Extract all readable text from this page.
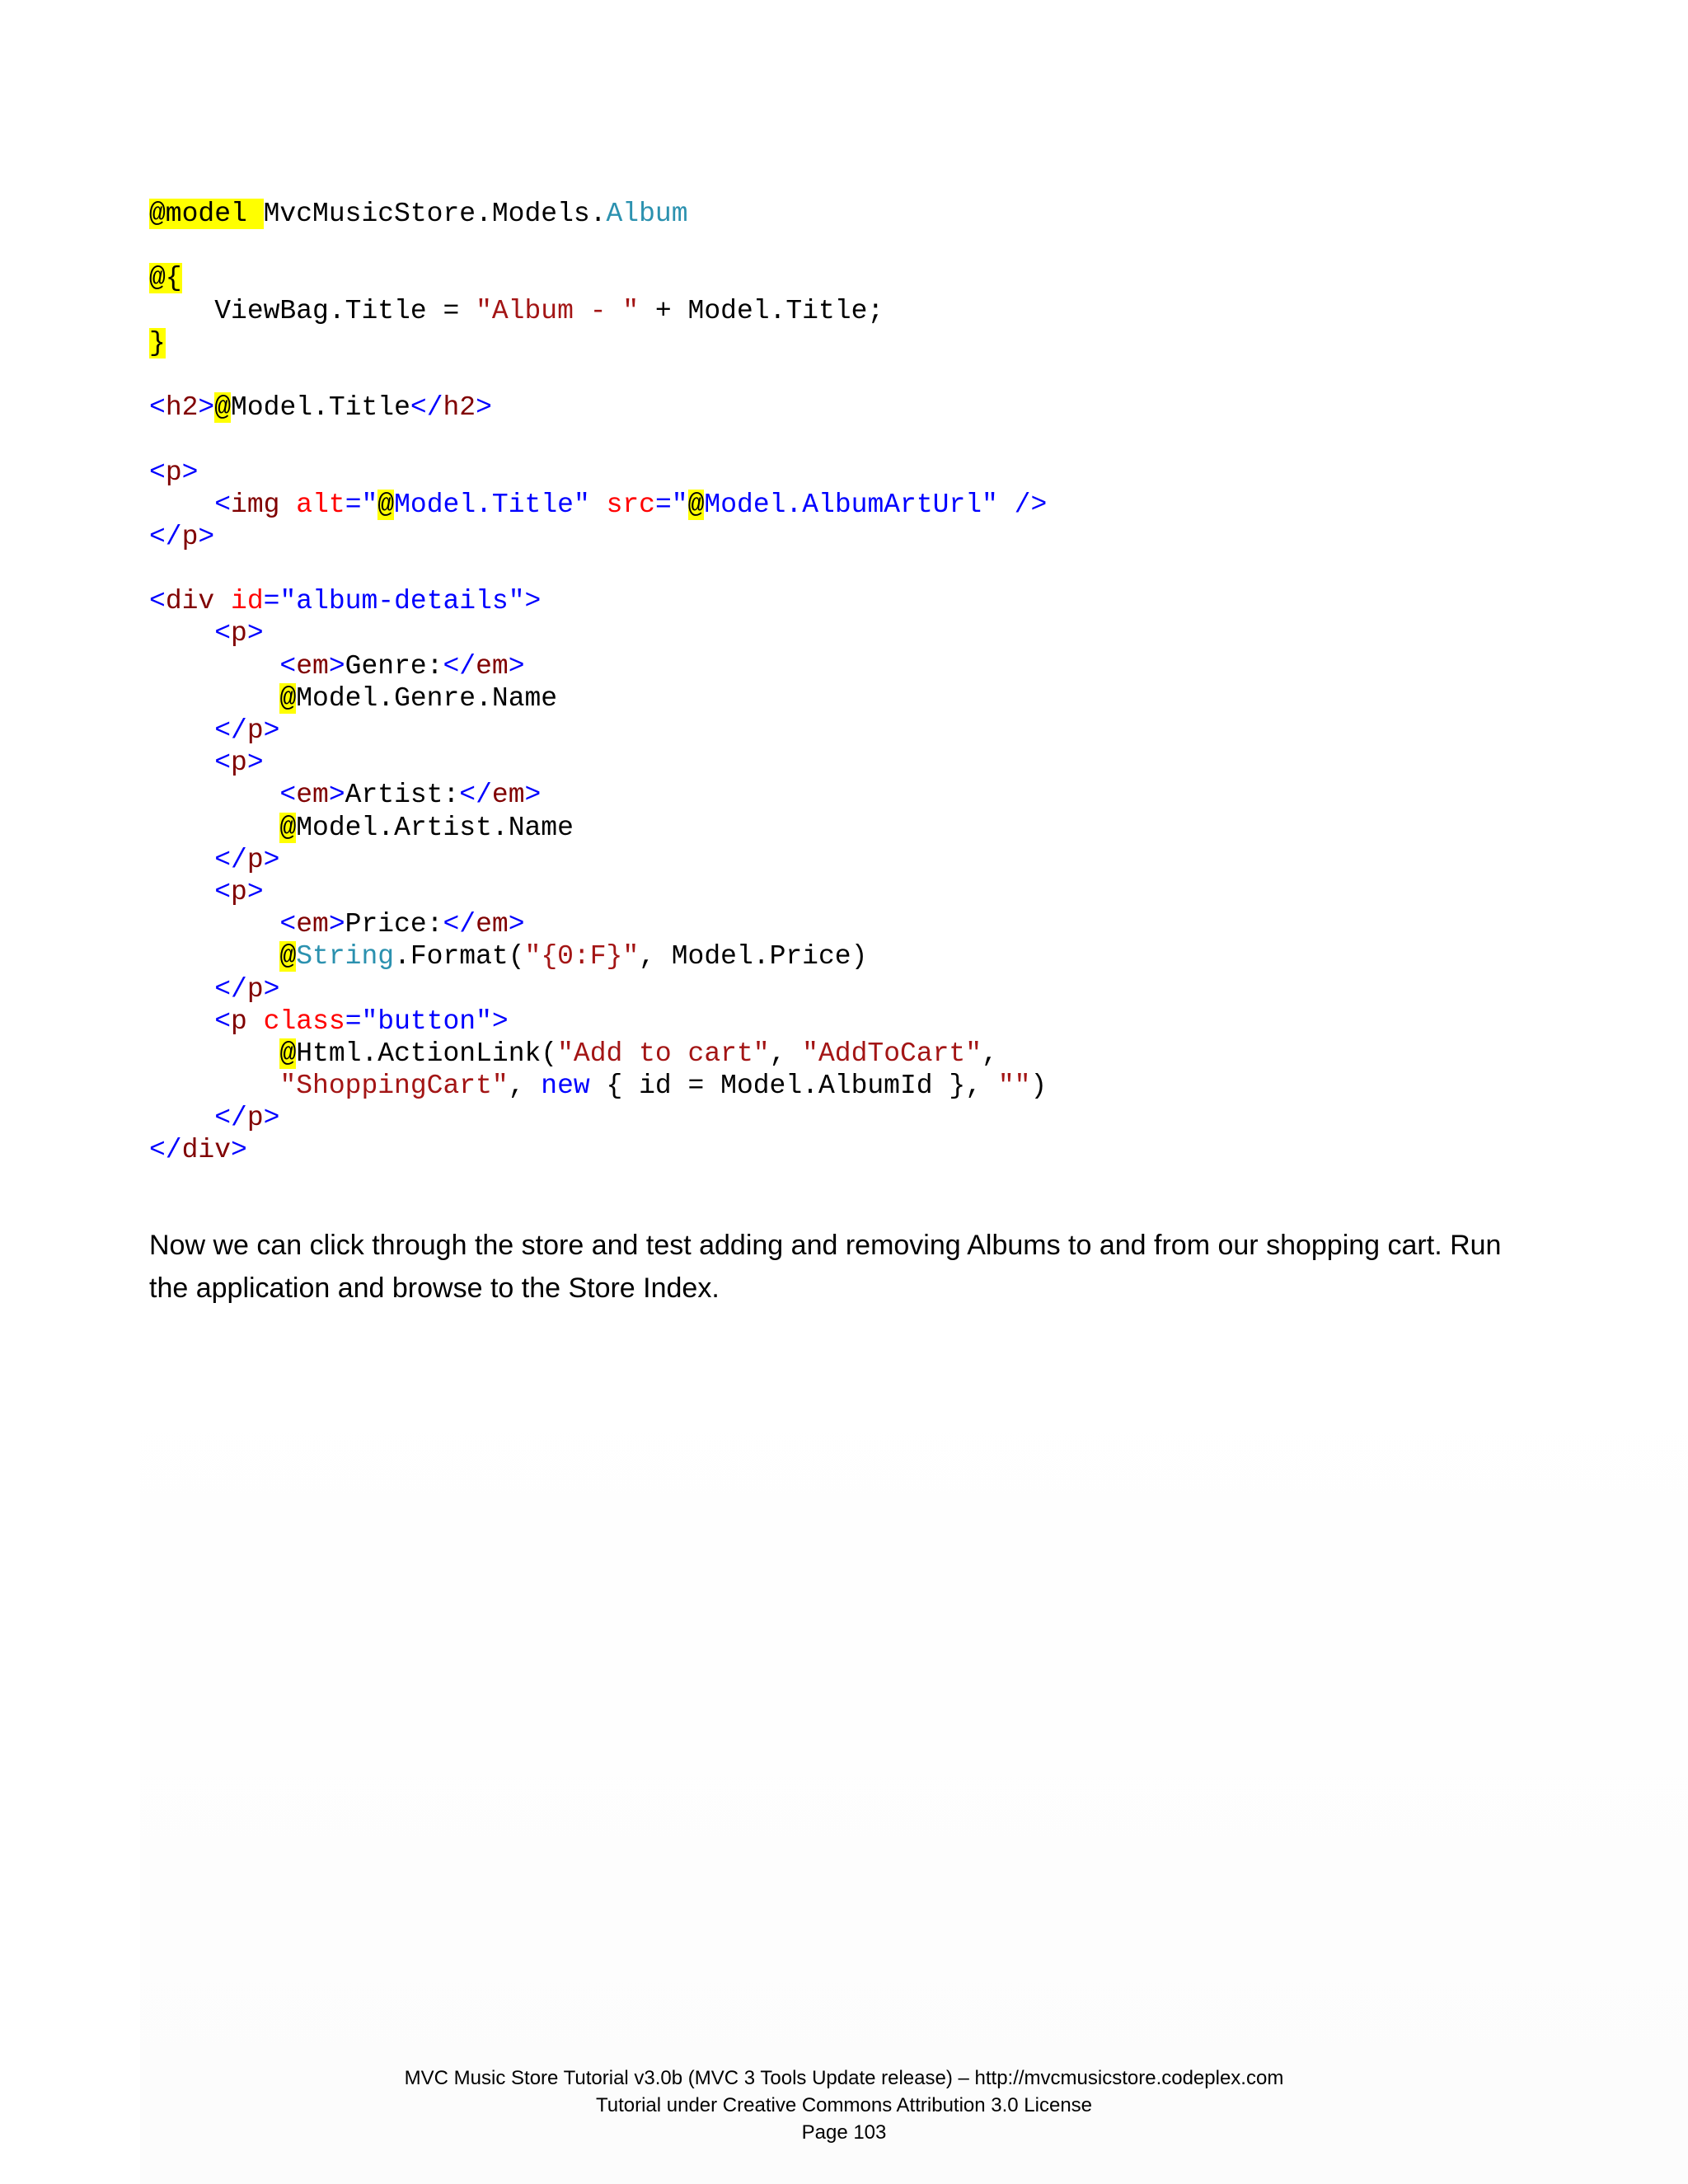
@model MvcMusicStore.Models.Album

@{
ViewBag.Title = "Album - " + Model.Title;
}

<h2>@Model.Title</h2>

<p>
<img alt="@Model.Title" src="@Model.AlbumArtUrl" />
</p>

<div id="album-details">
<p>
<em>Genre:</em>
@Model.Genre.Name
</p>
<p>
<em>Artist:</em>
@Model.Artist.Name
</p>
<p>
<em>Price:</em>
@String.Format("{0:F}", Model.Price)
</p>
<p class="button">
@Html.ActionLink("Add to cart", "AddToCart",
"ShoppingCart", new { id = Model.AlbumId }, "")
</p>
</div>
Now we can click through the store and test adding and removing Albums to and from our shopping cart. Run the application and browse to the Store Index.
MVC Music Store Tutorial v3.0b (MVC 3 Tools Update release) – http://mvcmusicstore.codeplex.com
Tutorial under Creative Commons Attribution 3.0 License
Page 103
